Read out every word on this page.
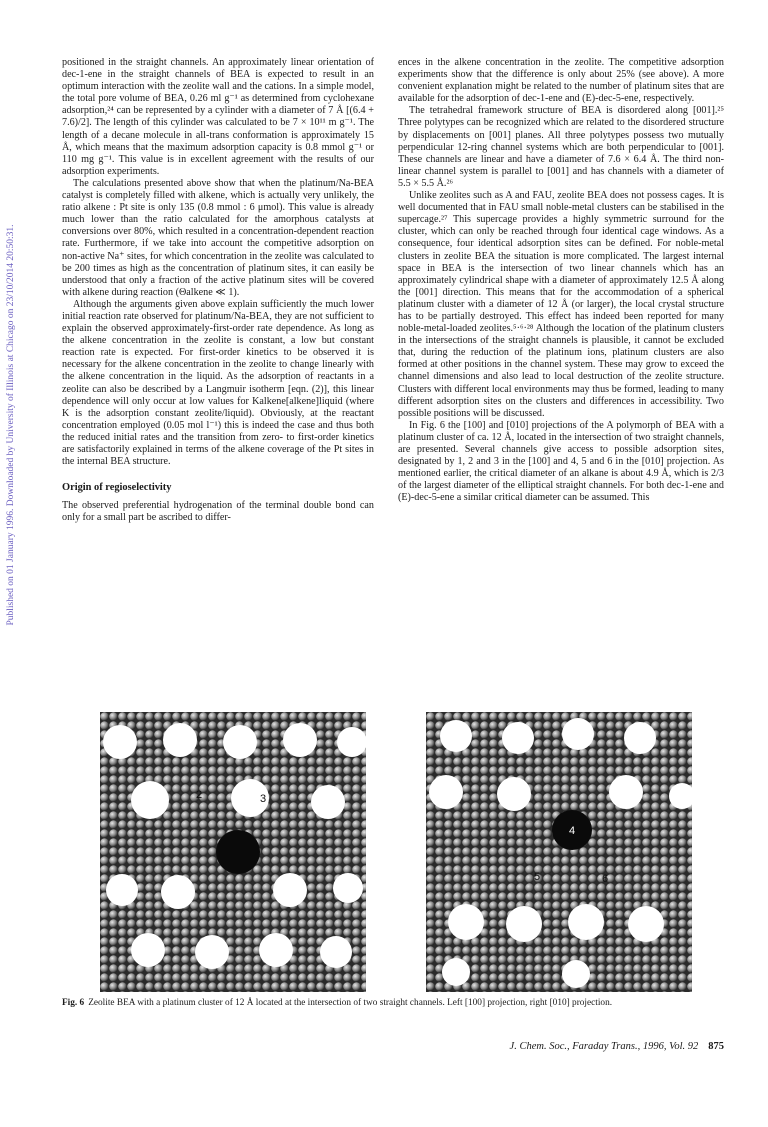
Published on 01 January 1996. Downloaded by University of Illinois at Chicago on 23/10/2014 20:50:31.

positioned in the straight channels. An approximately linear orientation of dec-1-ene in the straight channels of BEA is expected to result in an optimum interaction with the zeolite wall and the cations. In a simple model, the total pore volume of BEA, 0.26 ml g⁻¹ as determined from cyclohexane adsorption,²⁴ can be represented by a cylinder with a diameter of 7 Å [(6.4 + 7.6)/2]. The length of this cylinder was calculated to be 7 × 10¹¹ m g⁻¹. The length of a decane molecule in all-trans conformation is approximately 15 Å, which means that the maximum adsorption capacity is 0.8 mmol g⁻¹ or 110 mg g⁻¹. This value is in excellent agreement with the results of our adsorption experiments.

The calculations presented above show that when the platinum/Na-BEA catalyst is completely filled with alkene, which is actually very unlikely, the ratio alkene : Pt site is only 135 (0.8 mmol : 6 μmol). This value is already much lower than the ratio calculated for the amorphous catalysts at conversions over 80%, which resulted in a concentration-dependent reaction rate. Furthermore, if we take into account the competitive adsorption on non-active Na⁺ sites, for which concentration in the zeolite was calculated to be 200 times as high as the concentration of platinum sites, it can easily be understood that only a fraction of the active platinum sites will be covered with alkene during reaction (Θalkene ≪ 1).

Although the arguments given above explain sufficiently the much lower initial reaction rate observed for platinum/Na-BEA, they are not sufficient to explain the observed approximately-first-order rate dependence. As long as the alkene concentration in the zeolite is constant, a low but constant reaction rate is expected. For first-order kinetics to be observed it is necessary for the alkene concentration in the zeolite to change linearly with the alkene concentration in the liquid. As the adsorption of reactants in a zeolite can also be described by a Langmuir isotherm [eqn. (2)], this linear dependence will only occur at low values for Kalkene[alkene]liquid (where K is the adsorption constant zeolite/liquid). Obviously, at the reactant concentration employed (0.05 mol l⁻¹) this is indeed the case and thus both the reduced initial rates and the transition from zero- to first-order kinetics are satisfactorily explained in terms of the alkene coverage of the Pt sites in the internal BEA structure.

Origin of regioselectivity

The observed preferential hydrogenation of the terminal double bond can only for a small part be ascribed to differ-

ences in the alkene concentration in the zeolite. The competitive adsorption experiments show that the difference is only about 25% (see above). A more convenient explanation might be related to the number of platinum sites that are available for the adsorption of dec-1-ene and (E)-dec-5-ene, respectively.

The tetrahedral framework structure of BEA is disordered along [001].²⁵ Three polytypes can be recognized which are related to the disordered structure by displacements on [001] planes. All three polytypes possess two mutually perpendicular 12-ring channel systems which are both perpendicular to [001]. These channels are linear and have a diameter of 7.6 × 6.4 Å. The third non-linear channel system is parallel to [001] and has channels with a diameter of 5.5 × 5.5 Å.²⁶

Unlike zeolites such as A and FAU, zeolite BEA does not possess cages. It is well documented that in FAU small noble-metal clusters can be stabilised in the supercage.²⁷ This supercage provides a highly symmetric surround for the cluster, which can only be reached through four identical cage windows. As a consequence, four identical adsorption sites can be defined. For noble-metal clusters in zeolite BEA the situation is more complicated. The largest internal space in BEA is the intersection of two linear channels which has an approximately cylindrical shape with a diameter of approximately 12.5 Å along the [001] direction. This means that for the accommodation of a spherical platinum cluster with a diameter of 12 Å (or larger), the local crystal structure has to be partially destroyed. This effect has indeed been reported for many noble-metal-loaded zeolites.⁵·⁶·²⁸ Although the location of the platinum clusters in the intersections of the straight channels is plausible, it cannot be excluded that, during the reduction of the platinum ions, platinum clusters are also formed at other positions in the channel system. These may grow to exceed the channel dimensions and also lead to local destruction of the zeolite structure. Clusters with different local environments may thus be formed, leading to many different adsorption sites on the clusters and differences in accessibility. Two possible positions will be discussed.

In Fig. 6 the [100] and [010] projections of the A polymorph of BEA with a platinum cluster of ca. 12 Å, located in the intersection of two straight channels, are presented. Several channels give access to possible adsorption sites, designated by 1, 2 and 3 in the [100] and 4, 5 and 6 in the [010] projection. As mentioned earlier, the critical diameter of an alkane is about 4.9 Å, which is 2/3 of the largest diameter of the elliptical straight channels. For both dec-1-ene and (E)-dec-5-ene a similar critical diameter can be assumed. This

2	3
4
5	6
Fig. 6 Zeolite BEA with a platinum cluster of 12 Å located at the intersection of two straight channels. Left [100] projection, right [010] projection.
J. Chem. Soc., Faraday Trans., 1996, Vol. 92 875
